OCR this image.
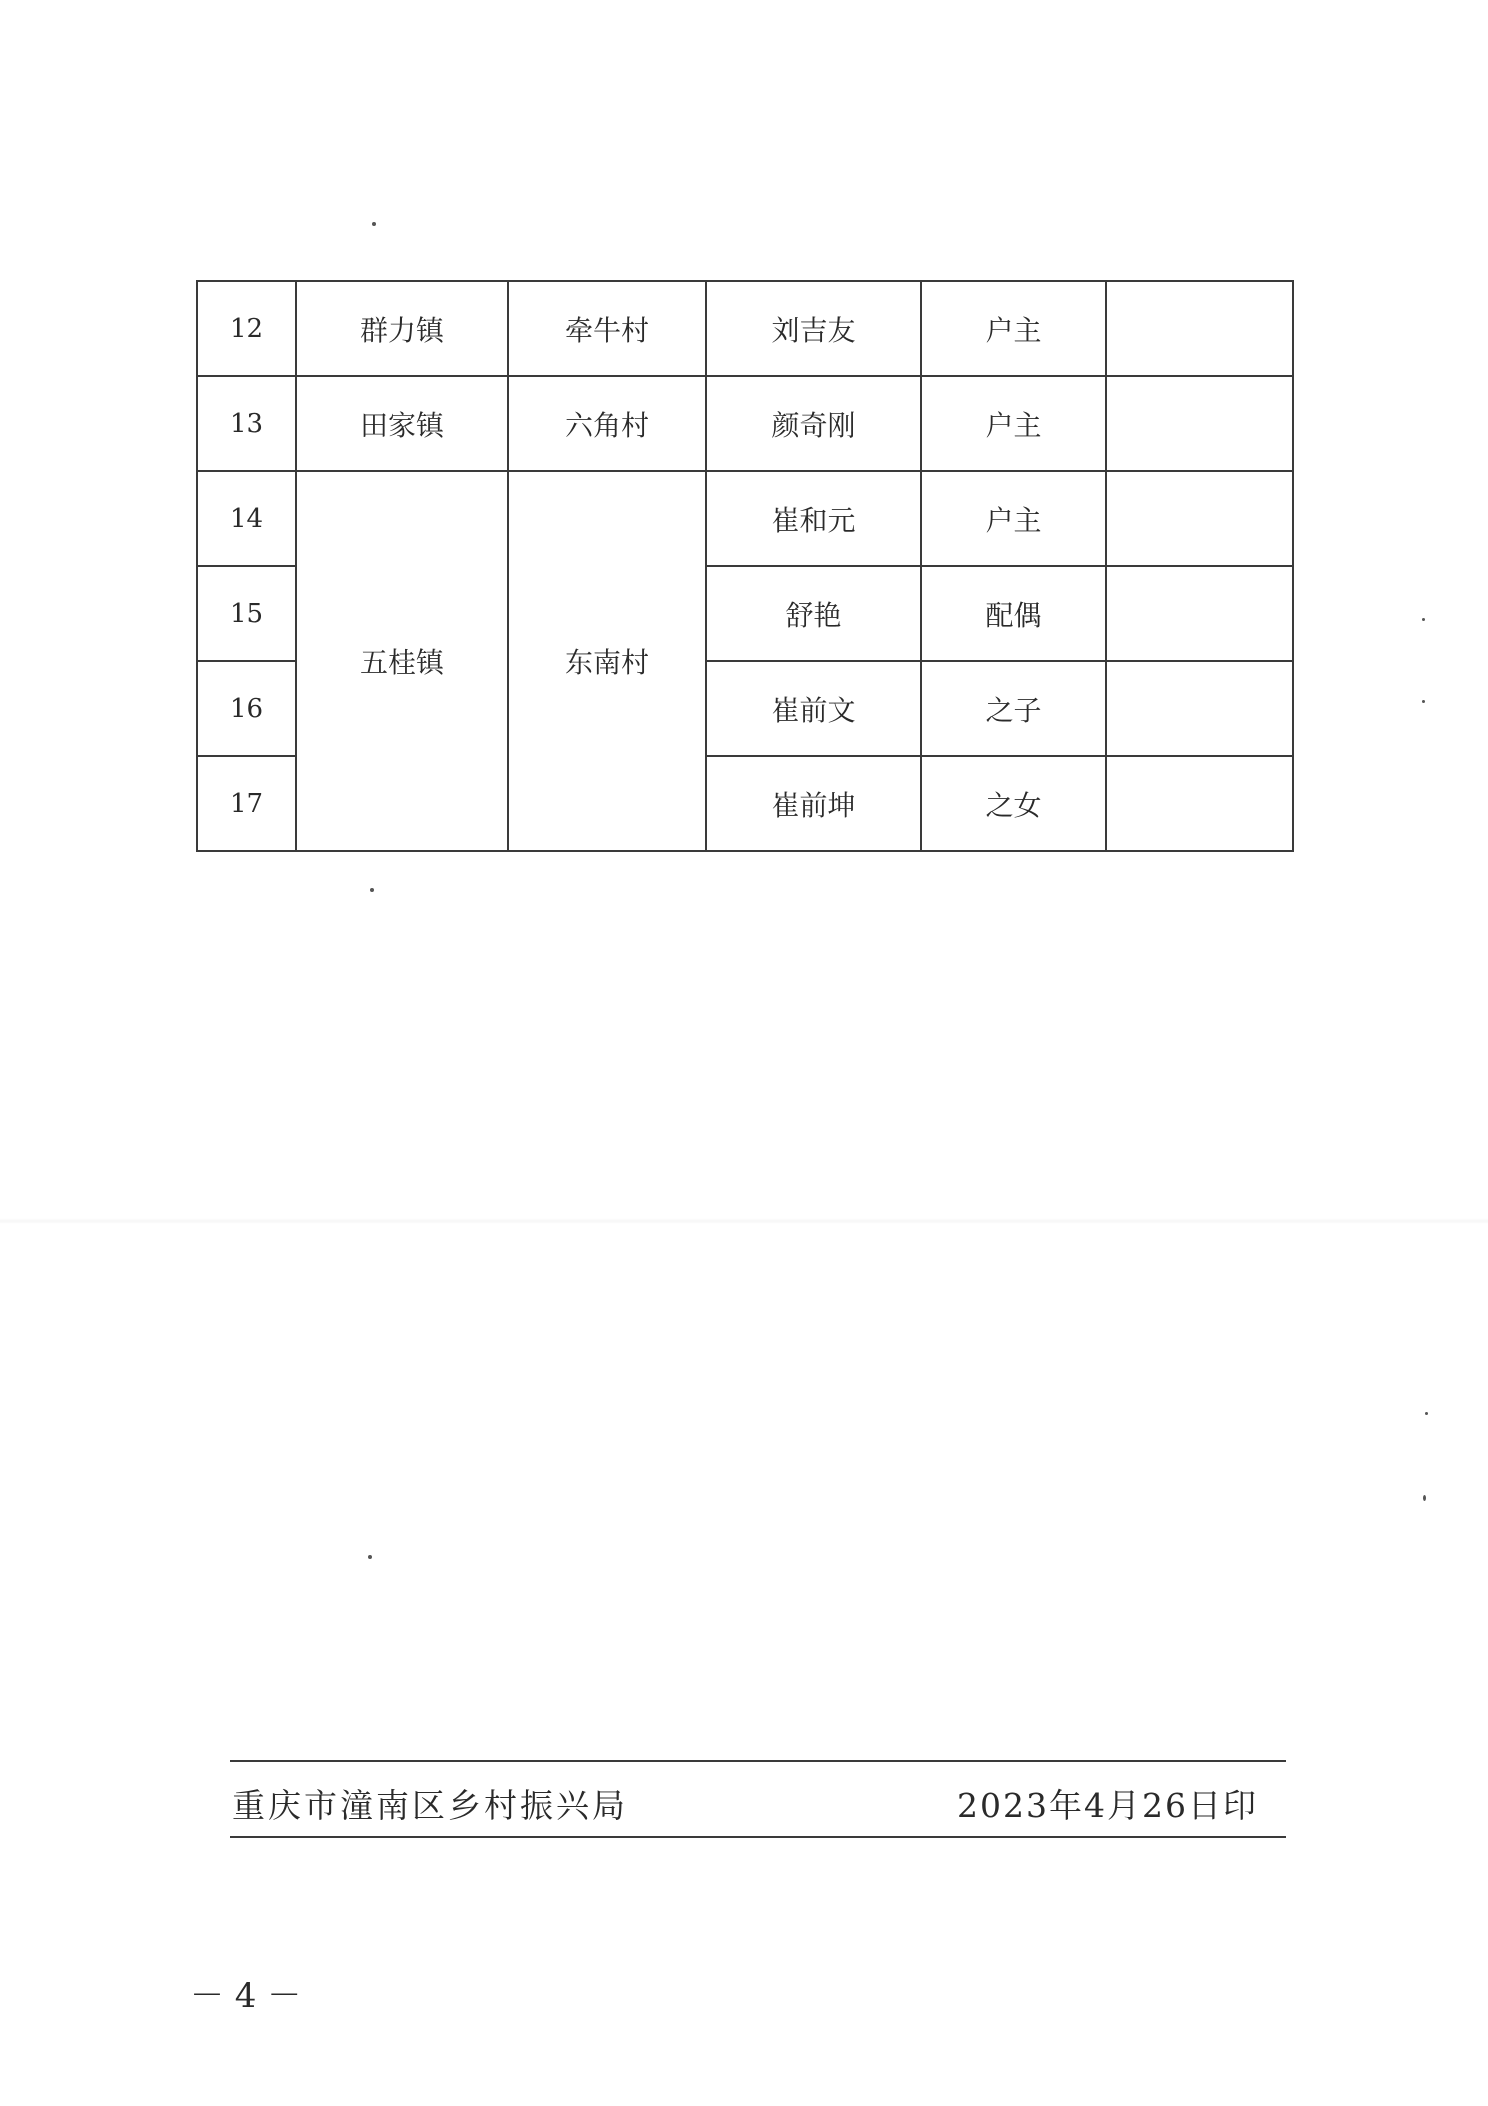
12	群力镇	牵牛村	刘吉友	户主	
13	田家镇	六角村	颜奇刚	户主	
14	五桂镇	东南村	崔和元	户主	
15			舒艳	配偶	
16			崔前文	之子	
17			崔前坤	之女	
重庆市潼南区乡村振兴局	2023年4月26日印
－ 4 －
